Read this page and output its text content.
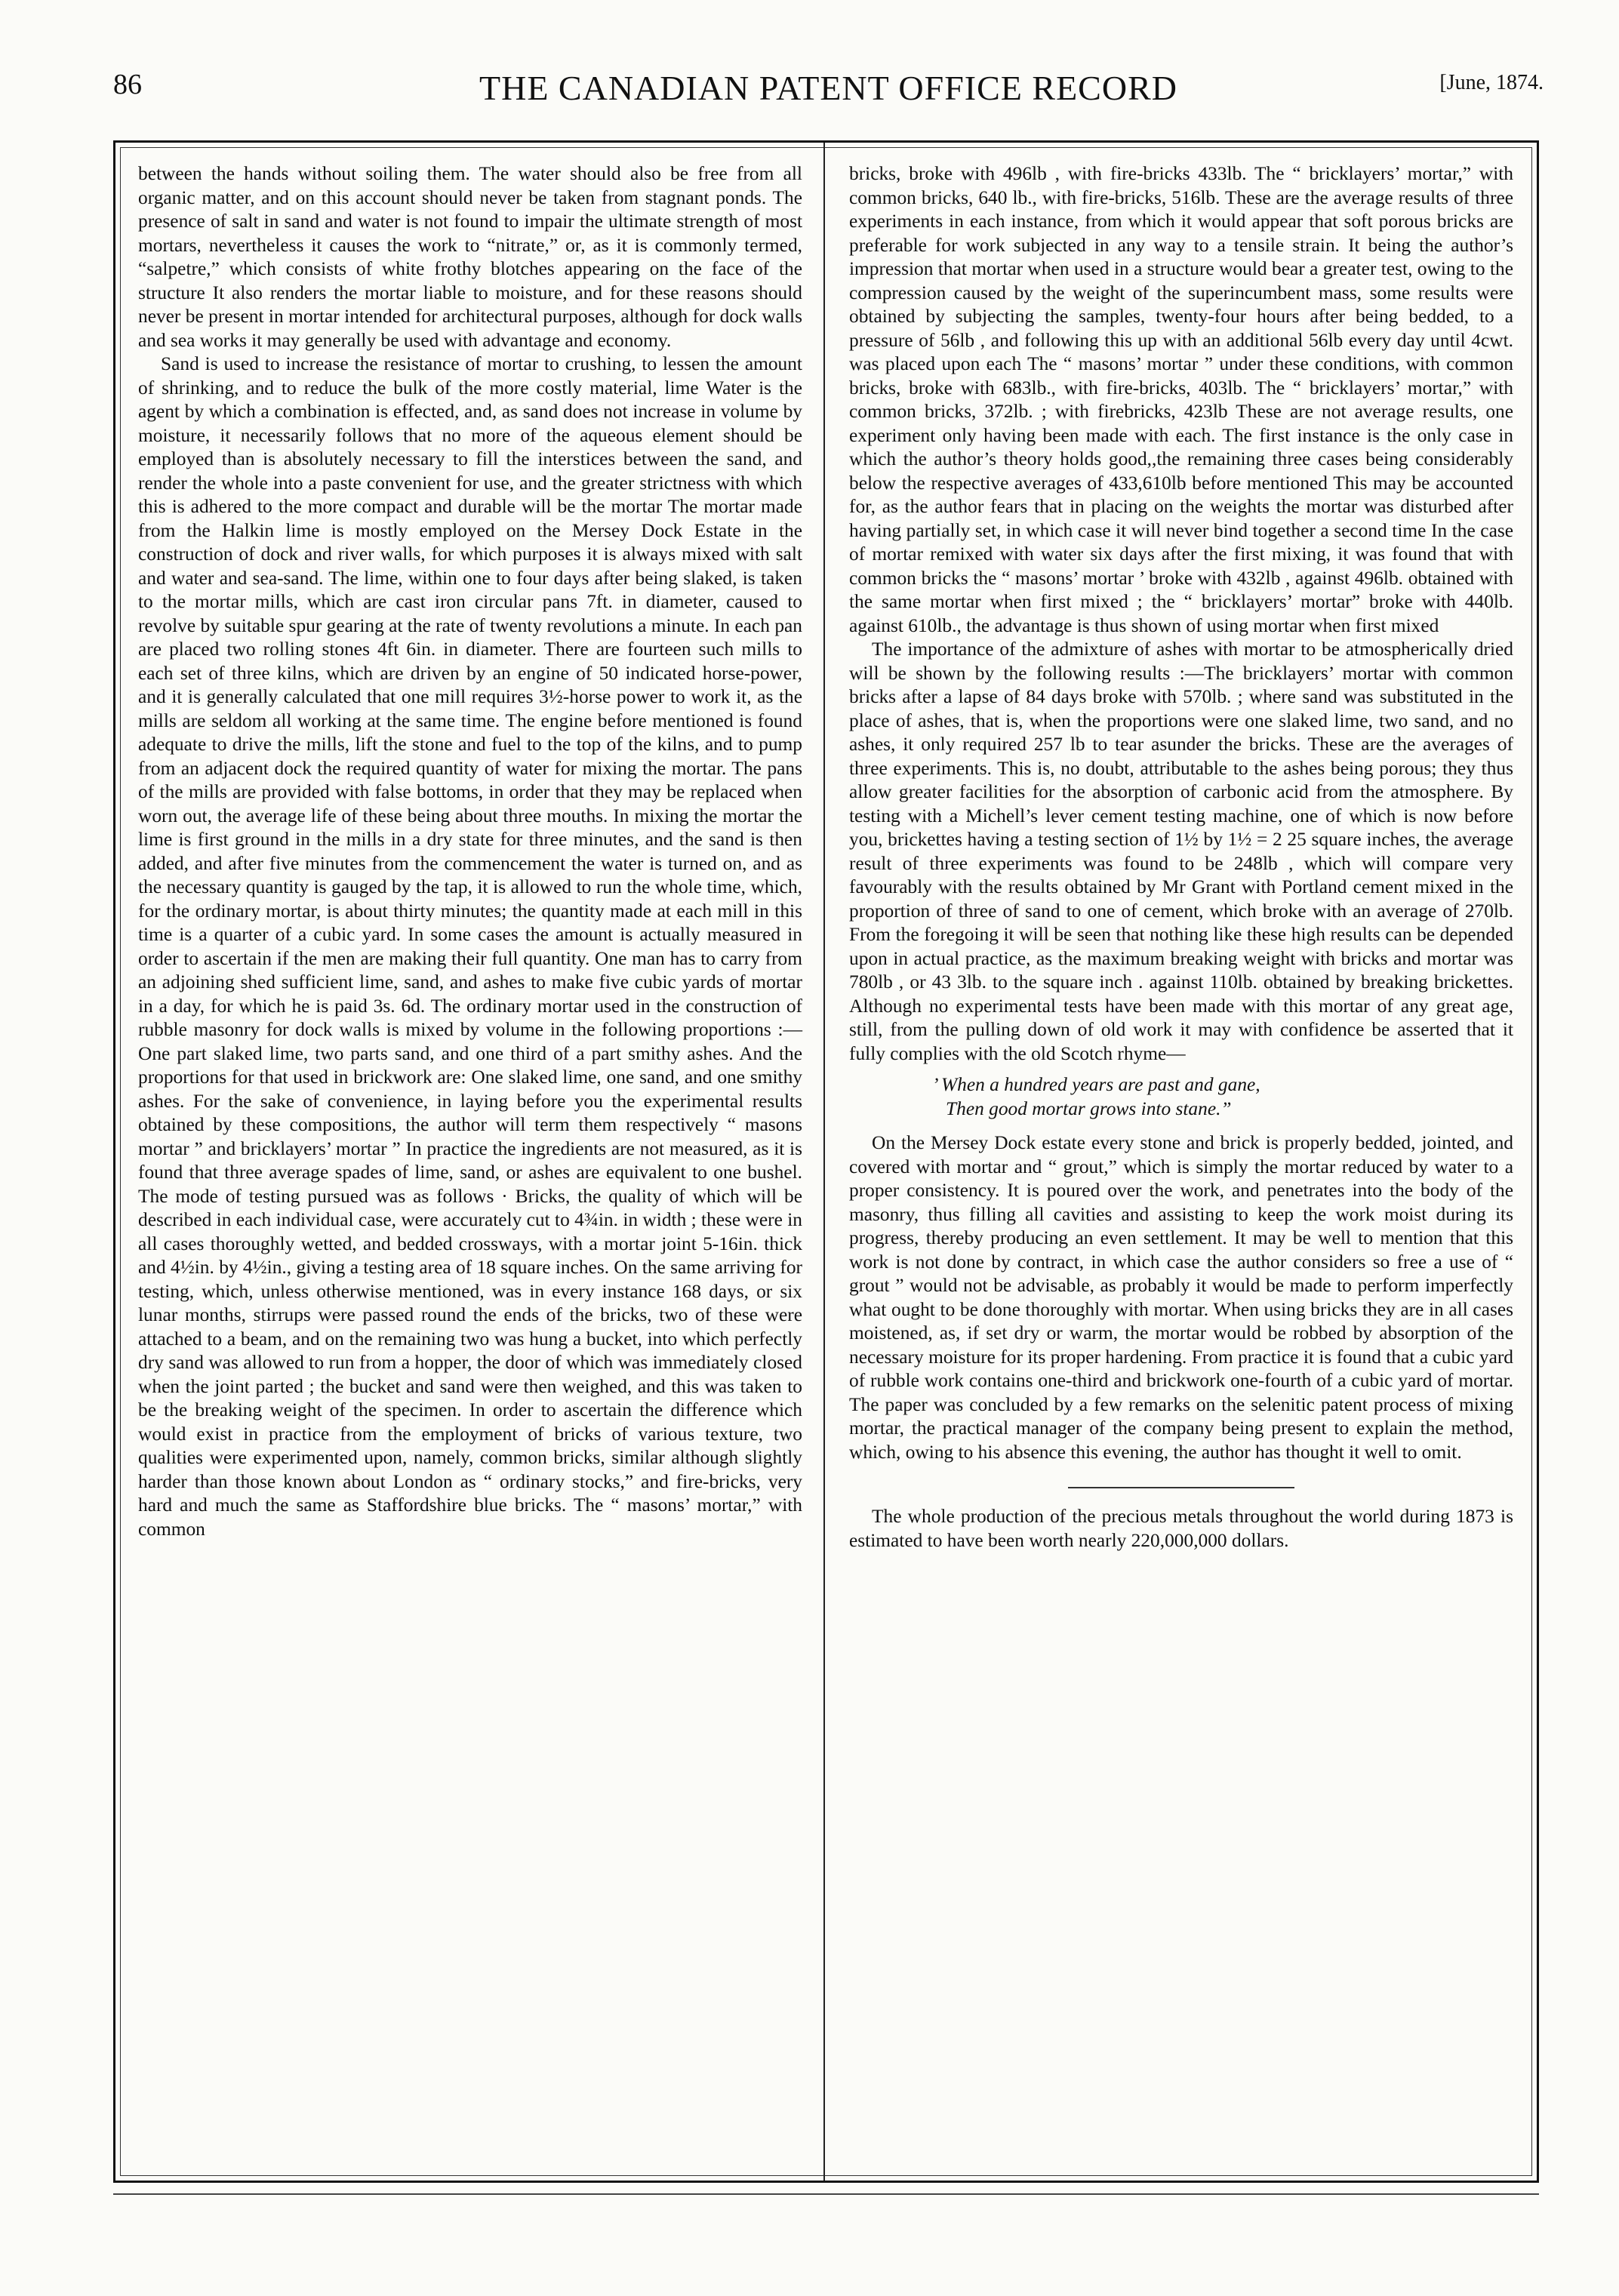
86	THE CANADIAN PATENT OFFICE RECORD	[June, 1874.

between the hands without soiling them. The water should also be free from all organic matter, and on this account should never be taken from stagnant ponds. The presence of salt in sand and water is not found to impair the ultimate strength of most mortars, nevertheless it causes the work to “nitrate,” or, as it is commonly termed, “salpetre,” which consists of white frothy blotches appearing on the face of the structure It also renders the mortar liable to moisture, and for these reasons should never be present in mortar intended for architectural purposes, although for dock walls and sea works it may generally be used with advantage and economy.

Sand is used to increase the resistance of mortar to crushing, to lessen the amount of shrinking, and to reduce the bulk of the more costly material, lime Water is the agent by which a combination is effected, and, as sand does not increase in volume by moisture, it necessarily follows that no more of the aqueous element should be employed than is absolutely necessary to fill the interstices between the sand, and render the whole into a paste convenient for use, and the greater strictness with which this is adhered to the more compact and durable will be the mortar The mortar made from the Halkin lime is mostly employed on the Mersey Dock Estate in the construction of dock and river walls, for which purposes it is always mixed with salt and water and sea-sand. The lime, within one to four days after being slaked, is taken to the mortar mills, which are cast iron circular pans 7ft. in diameter, caused to revolve by suitable spur gearing at the rate of twenty revolutions a minute. In each pan are placed two rolling stones 4ft 6in. in diameter. There are fourteen such mills to each set of three kilns, which are driven by an engine of 50 indicated horse-power, and it is generally calculated that one mill requires 3½-horse power to work it, as the mills are seldom all working at the same time. The engine before mentioned is found adequate to drive the mills, lift the stone and fuel to the top of the kilns, and to pump from an adjacent dock the required quantity of water for mixing the mortar. The pans of the mills are provided with false bottoms, in order that they may be replaced when worn out, the average life of these being about three mouths. In mixing the mortar the lime is first ground in the mills in a dry state for three minutes, and the sand is then added, and after five minutes from the commencement the water is turned on, and as the necessary quantity is gauged by the tap, it is allowed to run the whole time, which, for the ordinary mortar, is about thirty minutes; the quantity made at each mill in this time is a quarter of a cubic yard. In some cases the amount is actually measured in order to ascertain if the men are making their full quantity. One man has to carry from an adjoining shed sufficient lime, sand, and ashes to make five cubic yards of mortar in a day, for which he is paid 3s. 6d. The ordinary mortar used in the construction of rubble masonry for dock walls is mixed by volume in the following proportions :—One part slaked lime, two parts sand, and one third of a part smithy ashes. And the proportions for that used in brickwork are: One slaked lime, one sand, and one smithy ashes. For the sake of convenience, in laying before you the experimental results obtained by these compositions, the author will term them respectively “ masons mortar ” and bricklayers’ mortar ” In practice the ingredients are not measured, as it is found that three average spades of lime, sand, or ashes are equivalent to one bushel. The mode of testing pursued was as follows · Bricks, the quality of which will be described in each individual case, were accurately cut to 4¾in. in width ; these were in all cases thoroughly wetted, and bedded crossways, with a mortar joint 5-16in. thick and 4½in. by 4½in., giving a testing area of 18 square inches. On the same arriving for testing, which, unless otherwise mentioned, was in every instance 168 days, or six lunar months, stirrups were passed round the ends of the bricks, two of these were attached to a beam, and on the remaining two was hung a bucket, into which perfectly dry sand was allowed to run from a hopper, the door of which was immediately closed when the joint parted ; the bucket and sand were then weighed, and this was taken to be the breaking weight of the specimen. In order to ascertain the difference which would exist in practice from the employment of bricks of various texture, two qualities were experimented upon, namely, common bricks, similar although slightly harder than those known about London as “ ordinary stocks,” and fire-bricks, very hard and much the same as Staffordshire blue bricks. The “ masons’ mortar,” with common

bricks, broke with 496lb , with fire-bricks 433lb. The “ bricklayers’ mortar,” with common bricks, 640 lb., with fire-bricks, 516lb. These are the average results of three experiments in each instance, from which it would appear that soft porous bricks are preferable for work subjected in any way to a tensile strain. It being the author’s impression that mortar when used in a structure would bear a greater test, owing to the compression caused by the weight of the superincumbent mass, some results were obtained by subjecting the samples, twenty-four hours after being bedded, to a pressure of 56lb , and following this up with an additional 56lb every day until 4cwt. was placed upon each The “ masons’ mortar ” under these conditions, with common bricks, broke with 683lb., with fire-bricks, 403lb. The “ bricklayers’ mortar,” with common bricks, 372lb. ; with firebricks, 423lb These are not average results, one experiment only having been made with each. The first instance is the only case in which the author’s theory holds good,,the remaining three cases being considerably below the respective averages of 433,610lb before mentioned This may be accounted for, as the author fears that in placing on the weights the mortar was disturbed after having partially set, in which case it will never bind together a second time In the case of mortar remixed with water six days after the first mixing, it was found that with common bricks the “ masons’ mortar ’ broke with 432lb , against 496lb. obtained with the same mortar when first mixed ; the “ bricklayers’ mortar” broke with 440lb. against 610lb., the advantage is thus shown of using mortar when first mixed

The importance of the admixture of ashes with mortar to be atmospherically dried will be shown by the following results :—The bricklayers’ mortar with common bricks after a lapse of 84 days broke with 570lb. ; where sand was substituted in the place of ashes, that is, when the proportions were one slaked lime, two sand, and no ashes, it only required 257 lb to tear asunder the bricks. These are the averages of three experiments. This is, no doubt, attributable to the ashes being porous; they thus allow greater facilities for the absorption of carbonic acid from the atmosphere. By testing with a Michell’s lever cement testing machine, one of which is now before you, brickettes having a testing section of 1½ by 1½ = 2 25 square inches, the average result of three experiments was found to be 248lb , which will compare very favourably with the results obtained by Mr Grant with Portland cement mixed in the proportion of three of sand to one of cement, which broke with an average of 270lb. From the foregoing it will be seen that nothing like these high results can be depended upon in actual practice, as the maximum breaking weight with bricks and mortar was 780lb , or 43 3lb. to the square inch . against 110lb. obtained by breaking brickettes. Although no experimental tests have been made with this mortar of any great age, still, from the pulling down of old work it may with confidence be asserted that it fully complies with the old Scotch rhyme—

’ When a hundred years are past and gane,
Then good mortar grows into stane.”

On the Mersey Dock estate every stone and brick is properly bedded, jointed, and covered with mortar and “ grout,” which is simply the mortar reduced by water to a proper consistency. It is poured over the work, and penetrates into the body of the masonry, thus filling all cavities and assisting to keep the work moist during its progress, thereby producing an even settlement. It may be well to mention that this work is not done by contract, in which case the author considers so free a use of “ grout ” would not be advisable, as probably it would be made to perform imperfectly what ought to be done thoroughly with mortar. When using bricks they are in all cases moistened, as, if set dry or warm, the mortar would be robbed by absorption of the necessary moisture for its proper hardening. From practice it is found that a cubic yard of rubble work contains one-third and brickwork one-fourth of a cubic yard of mortar. The paper was concluded by a few remarks on the selenitic patent process of mixing mortar, the practical manager of the company being present to explain the method, which, owing to his absence this evening, the author has thought it well to omit.

The whole production of the precious metals throughout the world during 1873 is estimated to have been worth nearly 220,000,000 dollars.
